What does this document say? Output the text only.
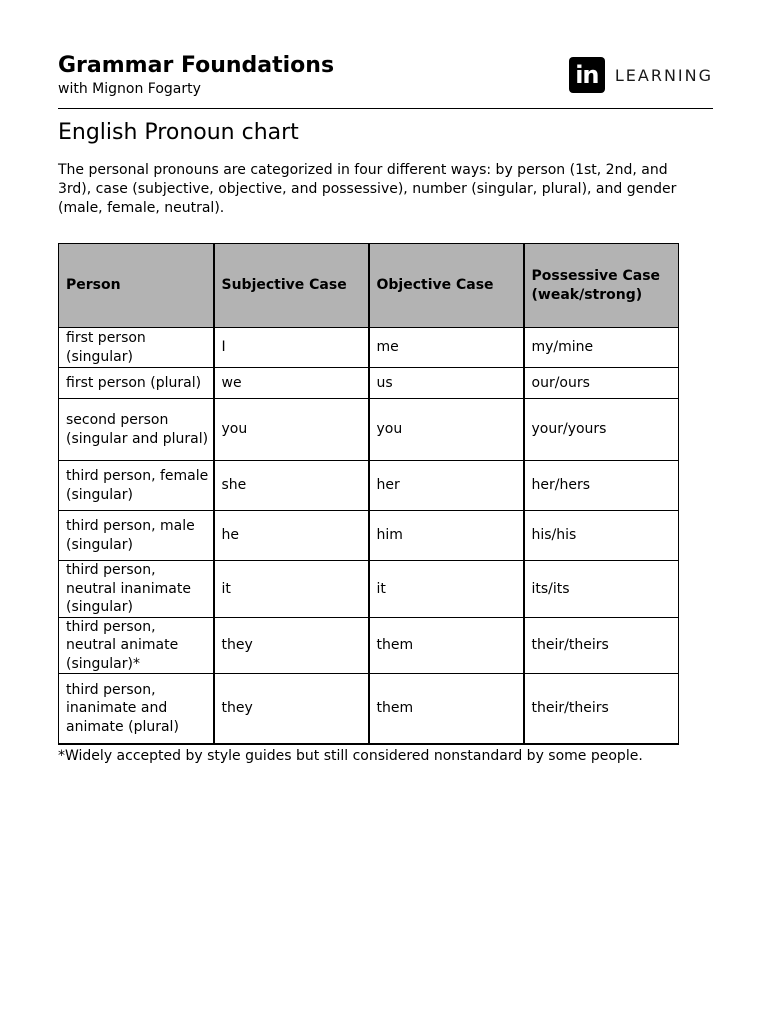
Grammar Foundations
with Mignon Fogarty	in	LEARNING
English Pronoun chart
The personal pronouns are categorized in four different ways: by person (1st, 2nd, and 3rd), case (subjective, objective, and possessive), number (singular, plural), and gender (male, female, neutral).
Person	Subjective Case	Objective Case	Possessive Case (weak/strong)
first person (singular)	I	me	my/mine
first person (plural)	we	us	our/ours
second person (singular and plural)	you	you	your/yours
third person, female (singular)	she	her	her/hers
third person, male (singular)	he	him	his/his
third person, neutral inanimate (singular)	it	it	its/its
third person, neutral animate (singular)*	they	them	their/theirs
third person, inanimate and animate (plural)	they	them	their/theirs
*Widely accepted by style guides but still considered nonstandard by some people.
